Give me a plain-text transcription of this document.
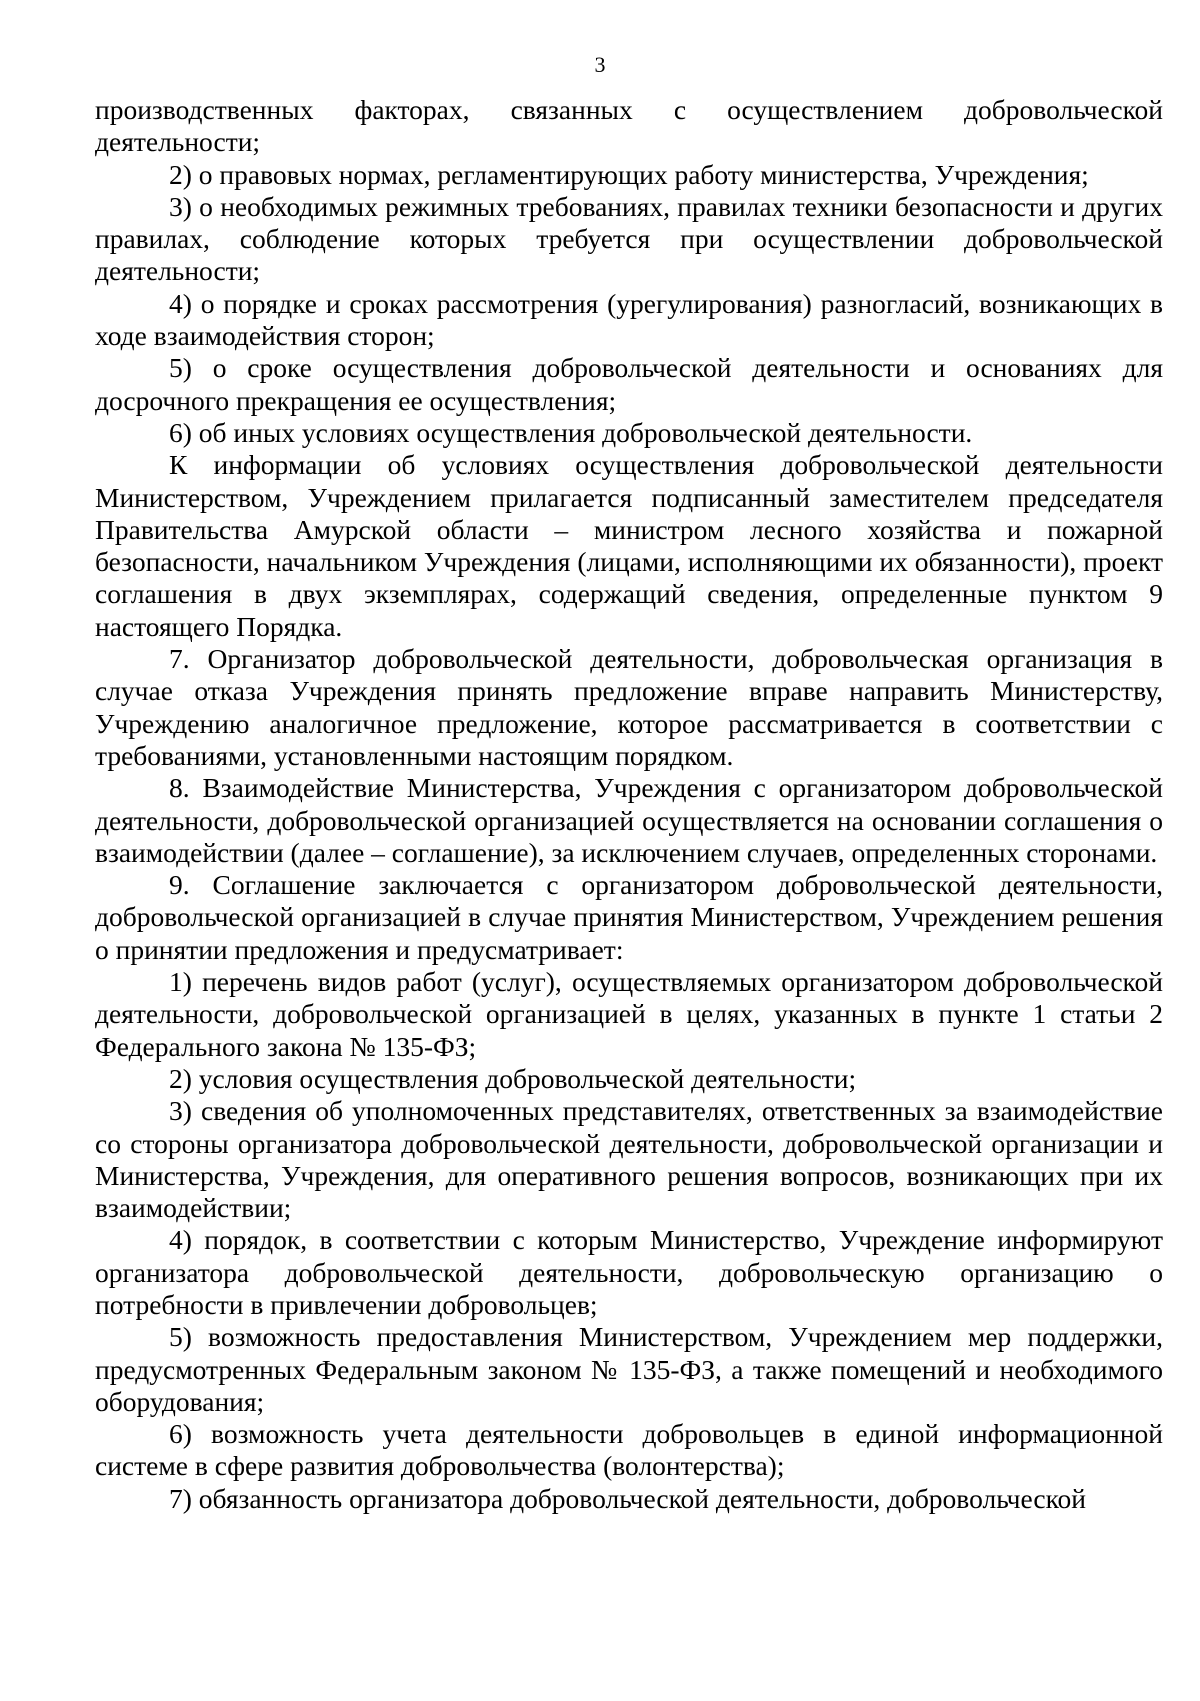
3

производственных факторах, связанных с осуществлением добровольческой деятельности;

2) о правовых нормах, регламентирующих работу министерства, Учреждения;

3) о необходимых режимных требованиях, правилах техники безопасности и других правилах, соблюдение которых требуется при осуществлении добровольческой деятельности;

4) о порядке и сроках рассмотрения (урегулирования) разногласий, возникающих в ходе взаимодействия сторон;

5) о сроке осуществления добровольческой деятельности и основаниях для досрочного прекращения ее осуществления;

6) об иных условиях осуществления добровольческой деятельности.

К информации об условиях осуществления добровольческой деятельности Министерством, Учреждением прилагается подписанный заместителем председателя Правительства Амурской области – министром лесного хозяйства и пожарной безопасности, начальником Учреждения (лицами, исполняющими их обязанности), проект соглашения в двух экземплярах, содержащий сведения, определенные пунктом 9 настоящего Порядка.

7. Организатор добровольческой деятельности, добровольческая организация в случае отказа Учреждения принять предложение вправе направить Министерству, Учреждению аналогичное предложение, которое рассматривается в соответствии с требованиями, установленными настоящим порядком.

8. Взаимодействие Министерства, Учреждения с организатором добровольческой деятельности, добровольческой организацией осуществляется на основании соглашения о взаимодействии (далее – соглашение), за исключением случаев, определенных сторонами.

9. Соглашение заключается с организатором добровольческой деятельности, добровольческой организацией в случае принятия Министерством, Учреждением решения о принятии предложения и предусматривает:

1) перечень видов работ (услуг), осуществляемых организатором добровольческой деятельности, добровольческой организацией в целях, указанных в пункте 1 статьи 2 Федерального закона № 135-ФЗ;

2) условия осуществления добровольческой деятельности;

3) сведения об уполномоченных представителях, ответственных за взаимодействие со стороны организатора добровольческой деятельности, добровольческой организации и Министерства, Учреждения, для оперативного решения вопросов, возникающих при их взаимодействии;

4) порядок, в соответствии с которым Министерство, Учреждение информируют организатора добровольческой деятельности, добровольческую организацию о потребности в привлечении добровольцев;

5) возможность предоставления Министерством, Учреждением мер поддержки, предусмотренных Федеральным законом № 135-ФЗ, а также помещений и необходимого оборудования;

6) возможность учета деятельности добровольцев в единой информационной системе в сфере развития добровольчества (волонтерства);

7) обязанность организатора добровольческой деятельности, добровольческой
